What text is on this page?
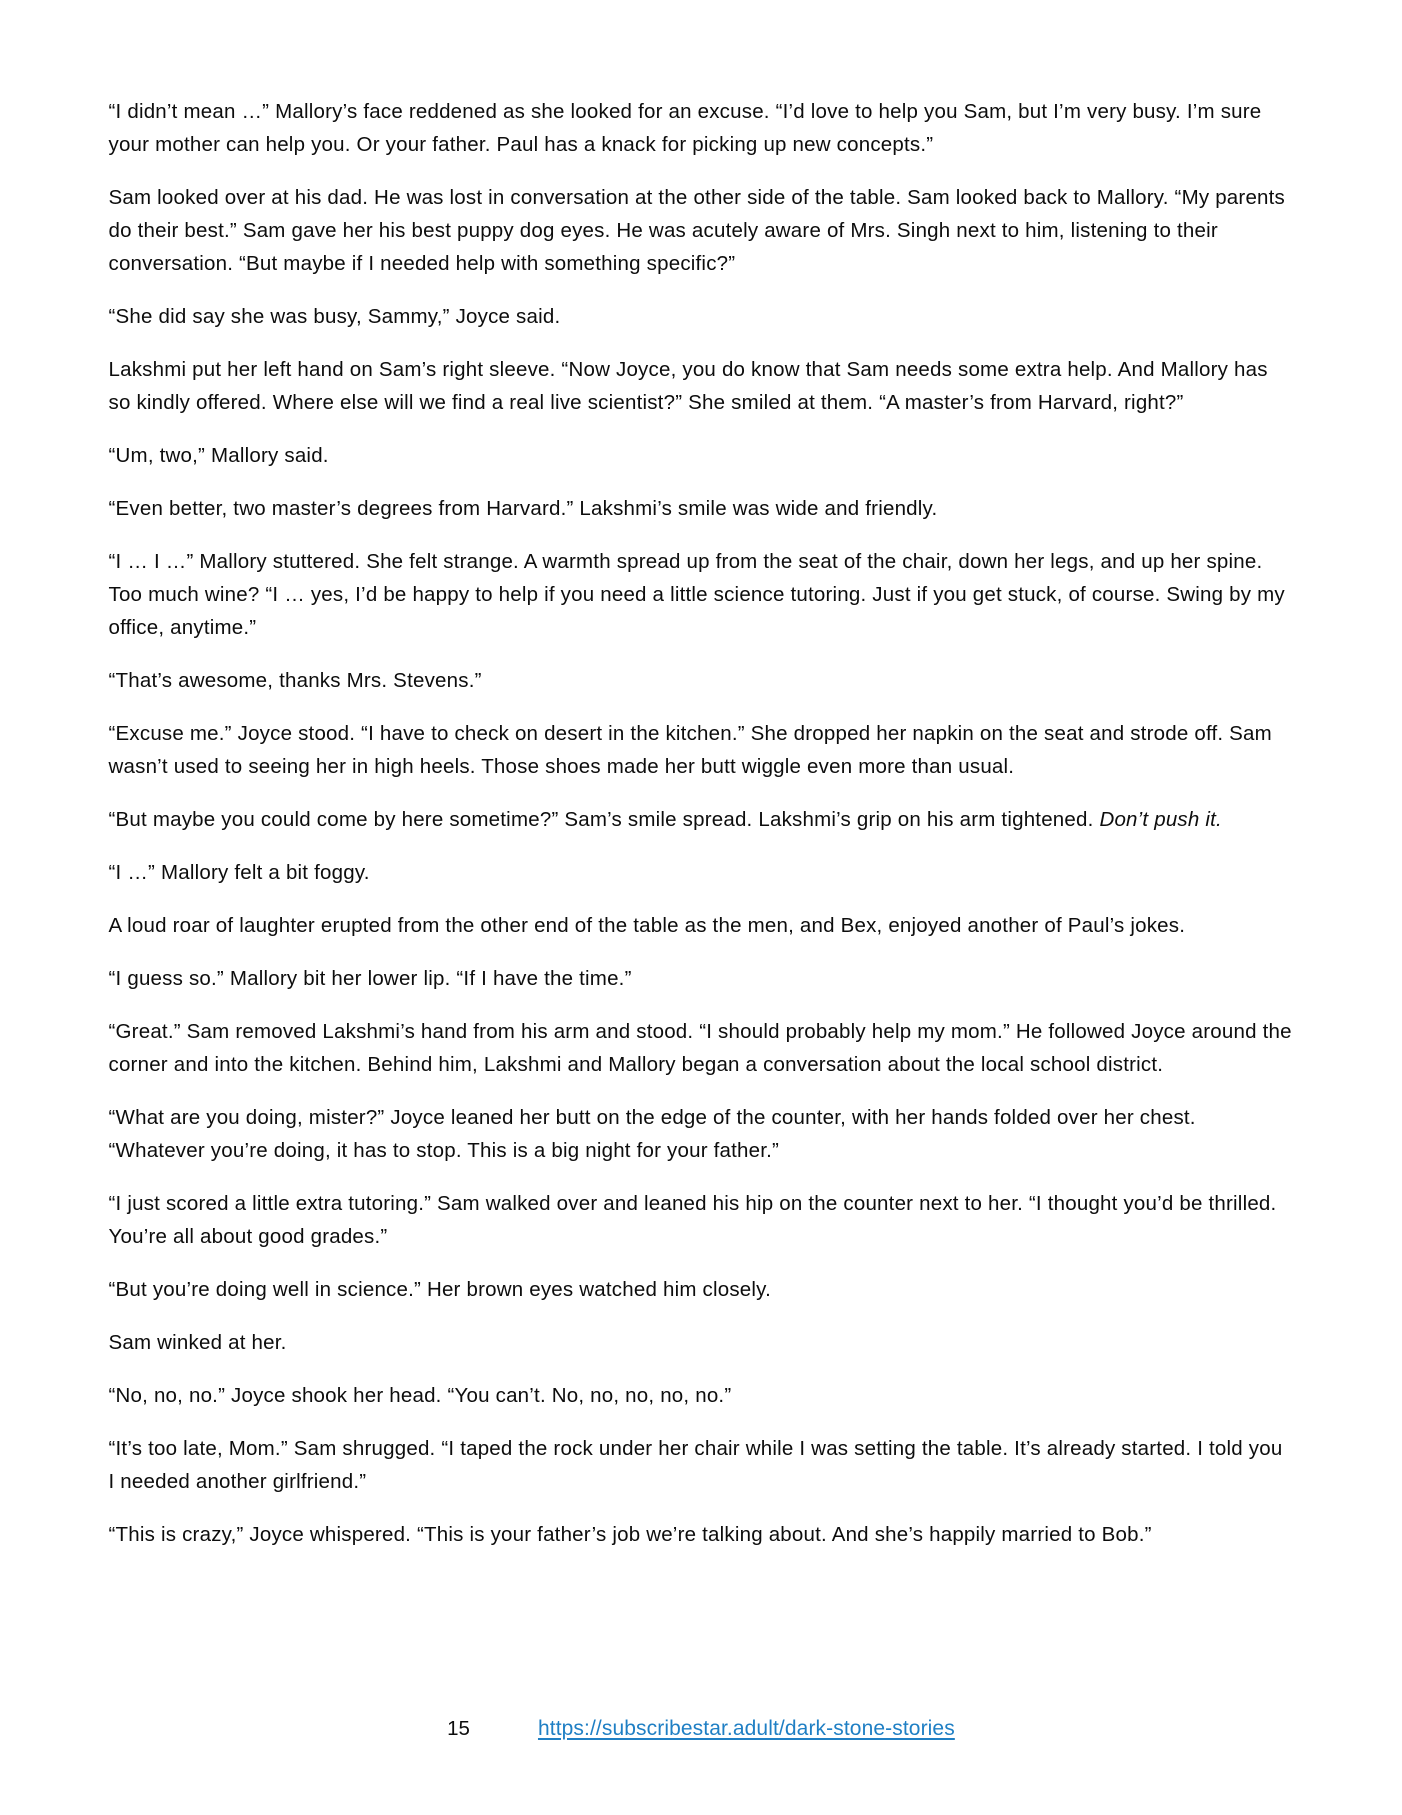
“I didn’t mean …” Mallory’s face reddened as she looked for an excuse. “I’d love to help you Sam, but I’m very busy. I’m sure your mother can help you. Or your father. Paul has a knack for picking up new concepts.”

Sam looked over at his dad. He was lost in conversation at the other side of the table. Sam looked back to Mallory. “My parents do their best.” Sam gave her his best puppy dog eyes. He was acutely aware of Mrs. Singh next to him, listening to their conversation. “But maybe if I needed help with something specific?”

“She did say she was busy, Sammy,” Joyce said.

Lakshmi put her left hand on Sam’s right sleeve. “Now Joyce, you do know that Sam needs some extra help. And Mallory has so kindly offered. Where else will we find a real live scientist?” She smiled at them. “A master’s from Harvard, right?”

“Um, two,” Mallory said.

“Even better, two master’s degrees from Harvard.” Lakshmi’s smile was wide and friendly.

“I … I …” Mallory stuttered. She felt strange. A warmth spread up from the seat of the chair, down her legs, and up her spine. Too much wine? “I … yes, I’d be happy to help if you need a little science tutoring. Just if you get stuck, of course. Swing by my office, anytime.”

“That’s awesome, thanks Mrs. Stevens.”

“Excuse me.” Joyce stood. “I have to check on desert in the kitchen.” She dropped her napkin on the seat and strode off. Sam wasn’t used to seeing her in high heels. Those shoes made her butt wiggle even more than usual.

“But maybe you could come by here sometime?” Sam’s smile spread. Lakshmi’s grip on his arm tightened. Don’t push it.

“I …” Mallory felt a bit foggy.

A loud roar of laughter erupted from the other end of the table as the men, and Bex, enjoyed another of Paul’s jokes.

“I guess so.” Mallory bit her lower lip. “If I have the time.”

“Great.” Sam removed Lakshmi’s hand from his arm and stood. “I should probably help my mom.” He followed Joyce around the corner and into the kitchen. Behind him, Lakshmi and Mallory began a conversation about the local school district.

“What are you doing, mister?” Joyce leaned her butt on the edge of the counter, with her hands folded over her chest. “Whatever you’re doing, it has to stop. This is a big night for your father.”

“I just scored a little extra tutoring.” Sam walked over and leaned his hip on the counter next to her. “I thought you’d be thrilled. You’re all about good grades.”

“But you’re doing well in science.” Her brown eyes watched him closely.

Sam winked at her.

“No, no, no.” Joyce shook her head. “You can’t. No, no, no, no, no.”

“It’s too late, Mom.” Sam shrugged. “I taped the rock under her chair while I was setting the table. It’s already started. I told you I needed another girlfriend.”

“This is crazy,” Joyce whispered. “This is your father’s job we’re talking about. And she’s happily married to Bob.”

15	https://subscribestar.adult/dark-stone-stories
